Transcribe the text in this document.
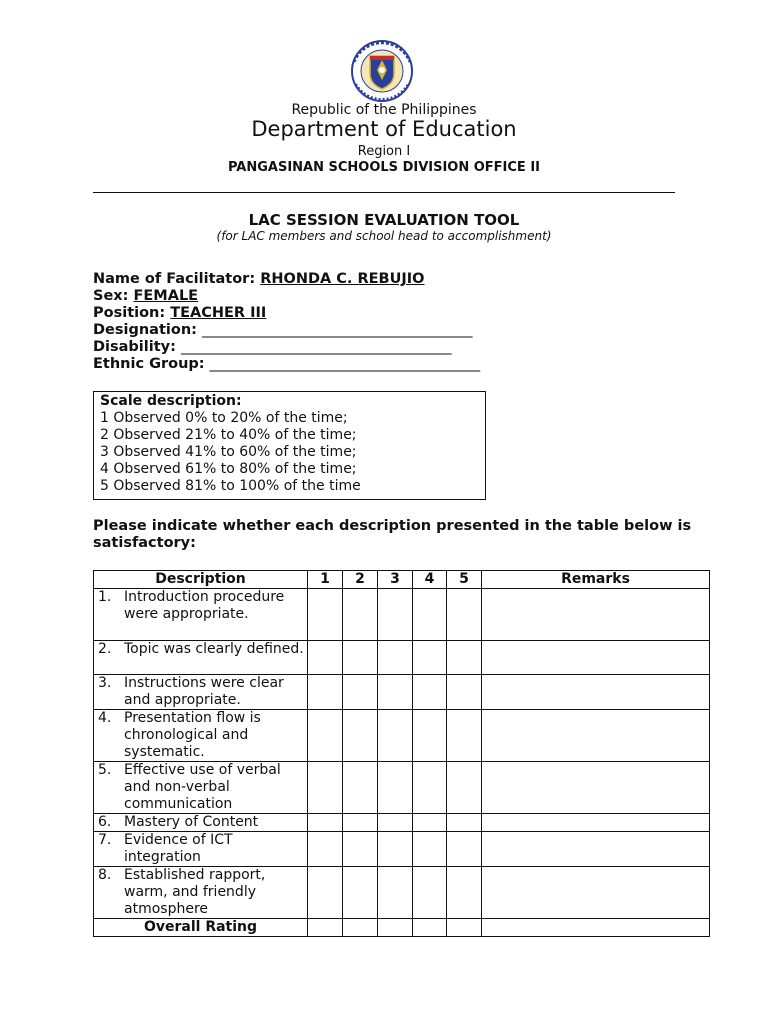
Republic of the Philippines
Department of Education
Region I
PANGASINAN SCHOOLS DIVISION OFFICE II
LAC SESSION EVALUATION TOOL
(for LAC members and school head to accomplishment)
Name of Facilitator: RHONDA C. REBUJIO
Sex: FEMALE
Position: TEACHER III
Designation: ________________________________________
Disability: ________________________________________
Ethnic Group: ________________________________________
Scale description:
1 Observed 0% to 20% of the time;
2 Observed 21% to 40% of the time;
3 Observed 41% to 60% of the time;
4 Observed 61% to 80% of the time;
5 Observed 81% to 100% of the time
Please indicate whether each description presented in the table below is satisfactory:
Description	1	2	3	4	5	Remarks

1. Introduction procedure were appropriate.						

2. Topic was clearly defined.						

3. Instructions were clear and appropriate.						

4. Presentation flow is chronological and systematic.						

5. Effective use of verbal and non-verbal communication						

6. Mastery of Content						

7. Evidence of ICT integration						

8. Established rapport, warm, and friendly atmosphere						

Overall Rating						
